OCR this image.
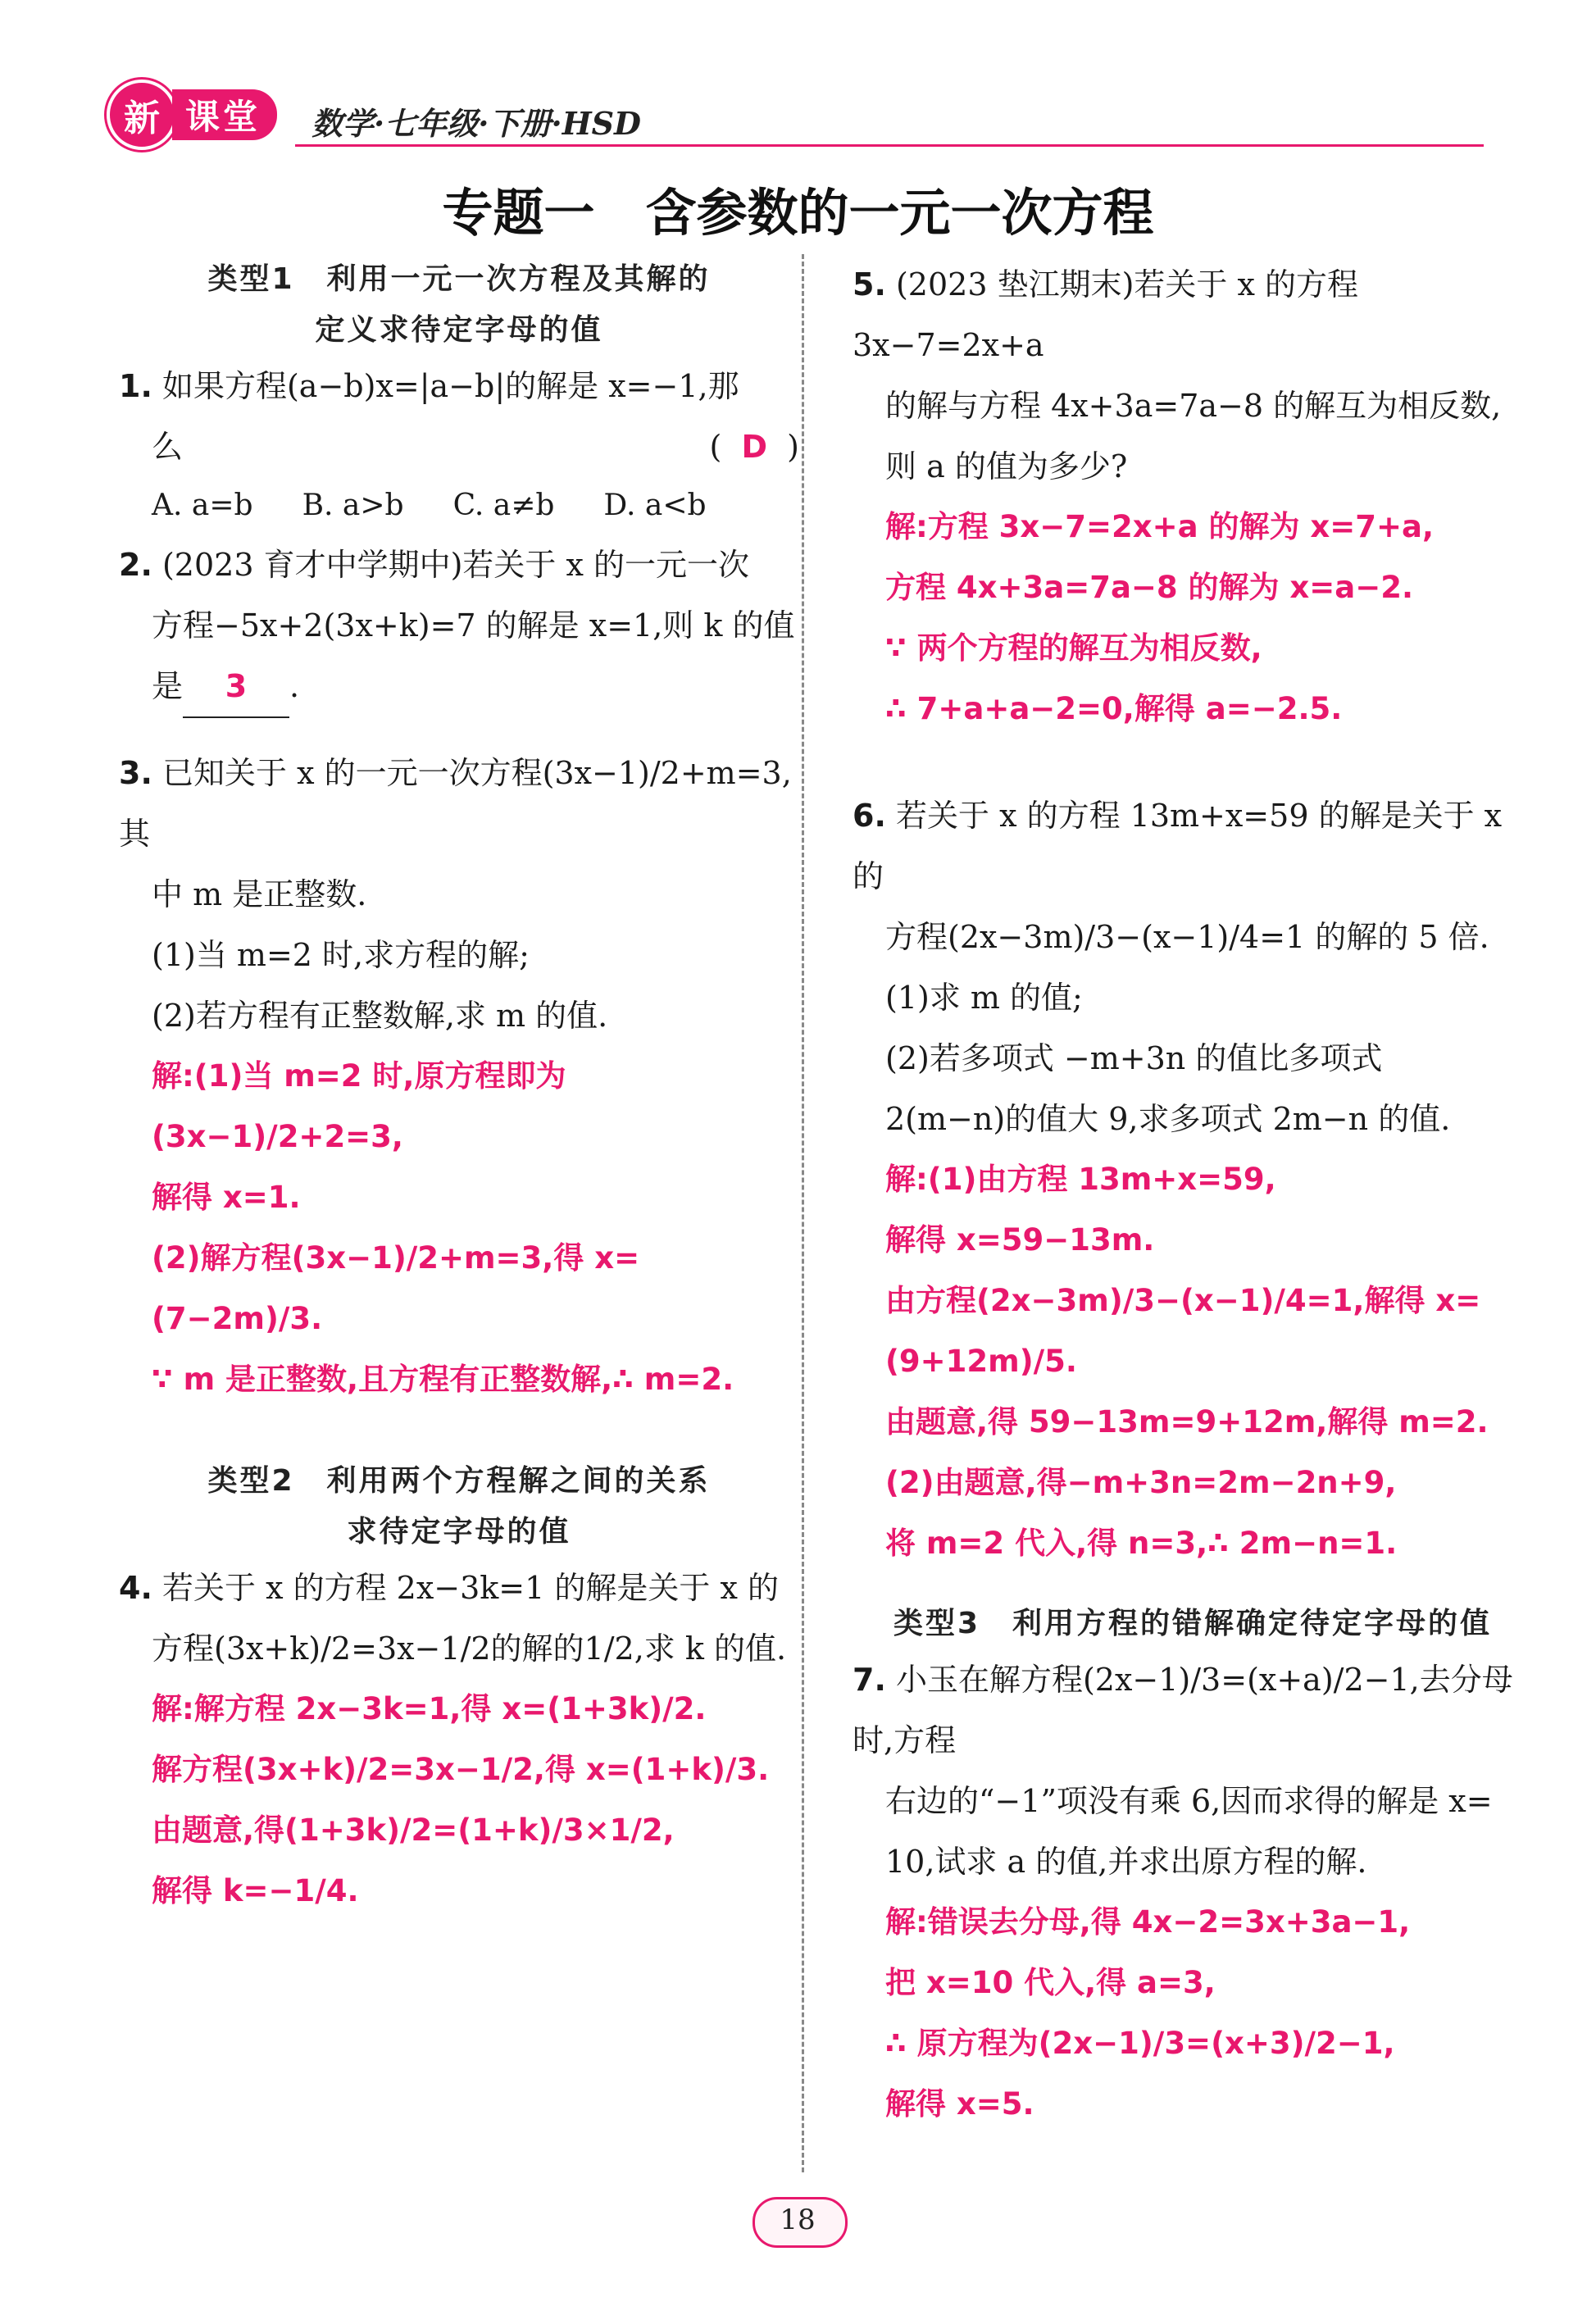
新 课堂	数学·七年级·下册·HSD
专题一　含参数的一元一次方程
类型1　利用一元一次方程及其解的
定义求待定字母的值

1. 如果方程(a−b)x=|a−b|的解是 x=−1,那

么	( D )

A. a=b B. a>b C. a≠b D. a<b

2. (2023 育才中学期中)若关于 x 的一元一次

方程−5x+2(3x+k)=7 的解是 x=1,则 k 的值

是 3 .

3. 已知关于 x 的一元一次方程(3x−1)/2+m=3,其

中 m 是正整数.

(1)当 m=2 时,求方程的解;

(2)若方程有正整数解,求 m 的值.

解:(1)当 m=2 时,原方程即为(3x−1)/2+2=3,
解得 x=1.
(2)解方程(3x−1)/2+m=3,得 x=(7−2m)/3.
∵ m 是正整数,且方程有正整数解,∴ m=2.
类型2　利用两个方程解之间的关系
求待定字母的值

4. 若关于 x 的方程 2x−3k=1 的解是关于 x 的

方程(3x+k)/2=3x−1/2的解的1/2,求 k 的值.

解:解方程 2x−3k=1,得 x=(1+3k)/2.
解方程(3x+k)/2=3x−1/2,得 x=(1+k)/3.
由题意,得(1+3k)/2=(1+k)/3×1/2,
解得 k=−1/4.

5. (2023 垫江期末)若关于 x 的方程 3x−7=2x+a

的解与方程 4x+3a=7a−8 的解互为相反数,

则 a 的值为多少?

解:方程 3x−7=2x+a 的解为 x=7+a,
方程 4x+3a=7a−8 的解为 x=a−2.
∵ 两个方程的解互为相反数,
∴ 7+a+a−2=0,解得 a=−2.5.

6. 若关于 x 的方程 13m+x=59 的解是关于 x 的

方程(2x−3m)/3−(x−1)/4=1 的解的 5 倍.

(1)求 m 的值;

(2)若多项式 −m+3n 的值比多项式

2(m−n)的值大 9,求多项式 2m−n 的值.

解:(1)由方程 13m+x=59,
解得 x=59−13m.
由方程(2x−3m)/3−(x−1)/4=1,解得 x=(9+12m)/5.
由题意,得 59−13m=9+12m,解得 m=2.
(2)由题意,得−m+3n=2m−2n+9,
将 m=2 代入,得 n=3,∴ 2m−n=1.
类型3　利用方程的错解确定待定字母的值

7. 小玉在解方程(2x−1)/3=(x+a)/2−1,去分母时,方程

右边的“−1”项没有乘 6,因而求得的解是 x=

10,试求 a 的值,并求出原方程的解.

解:错误去分母,得 4x−2=3x+3a−1,
把 x=10 代入,得 a=3,
∴ 原方程为(2x−1)/3=(x+3)/2−1,
解得 x=5.
18
